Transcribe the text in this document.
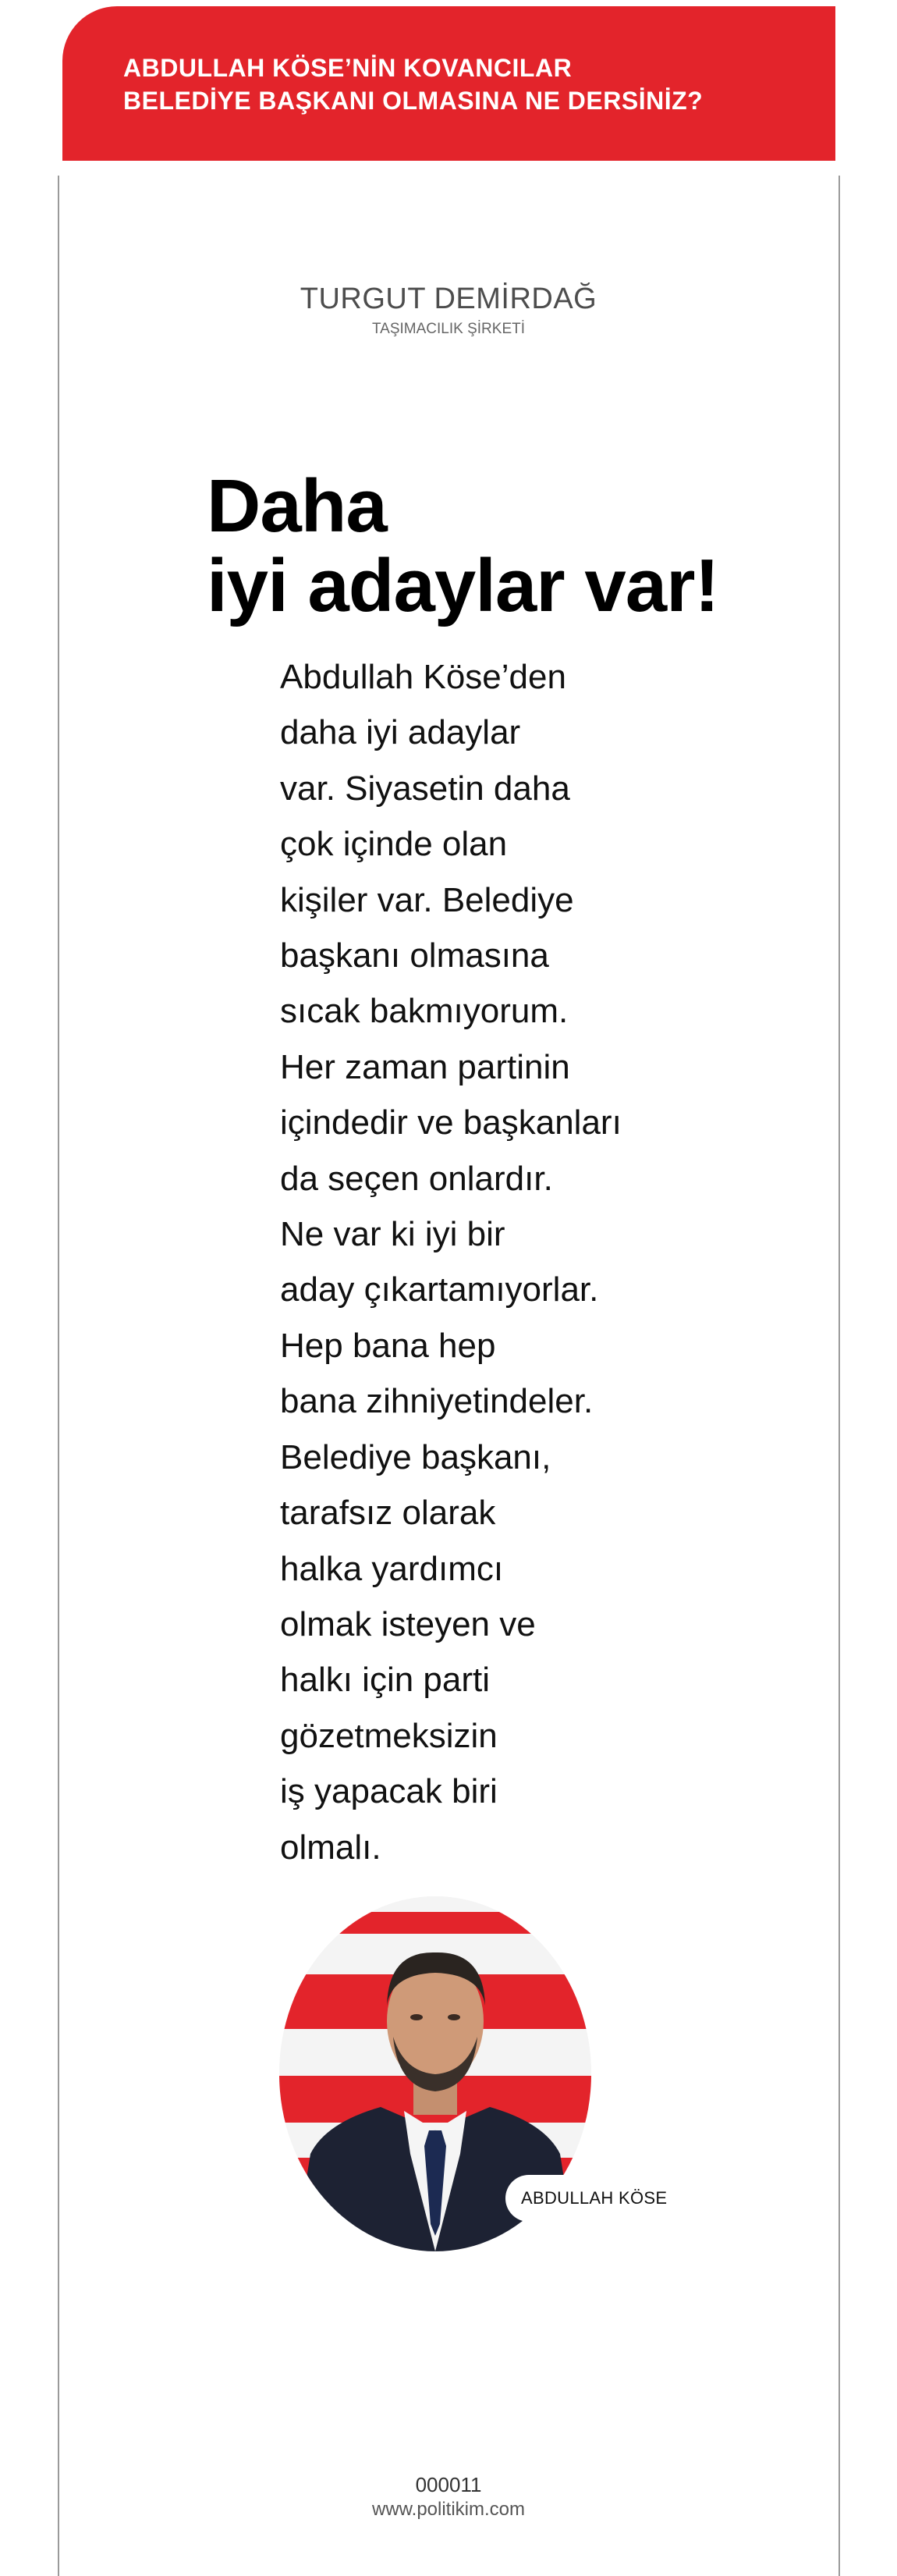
ABDULLAH KÖSE’NİN KOVANCILAR
BELEDİYE BAŞKANI OLMASINA NE DERSİNİZ?
TURGUT DEMİRDAĞ
TAŞIMACILIK ŞİRKETİ
Daha
iyi adaylar var!
Abdullah Köse’den
daha iyi adaylar
var. Siyasetin daha
çok içinde olan
kişiler var. Belediye
başkanı olmasına
sıcak bakmıyorum.
Her zaman partinin
içindedir ve başkanları
da seçen onlardır.
Ne var ki iyi bir
aday çıkartamıyorlar.
Hep bana hep
bana zihniyetindeler.
Belediye başkanı,
tarafsız olarak
halka yardımcı
olmak isteyen ve
halkı için parti
gözetmeksizin
iş yapacak biri
olmalı.
ABDULLAH KÖSE
000011
www.politikim.com
